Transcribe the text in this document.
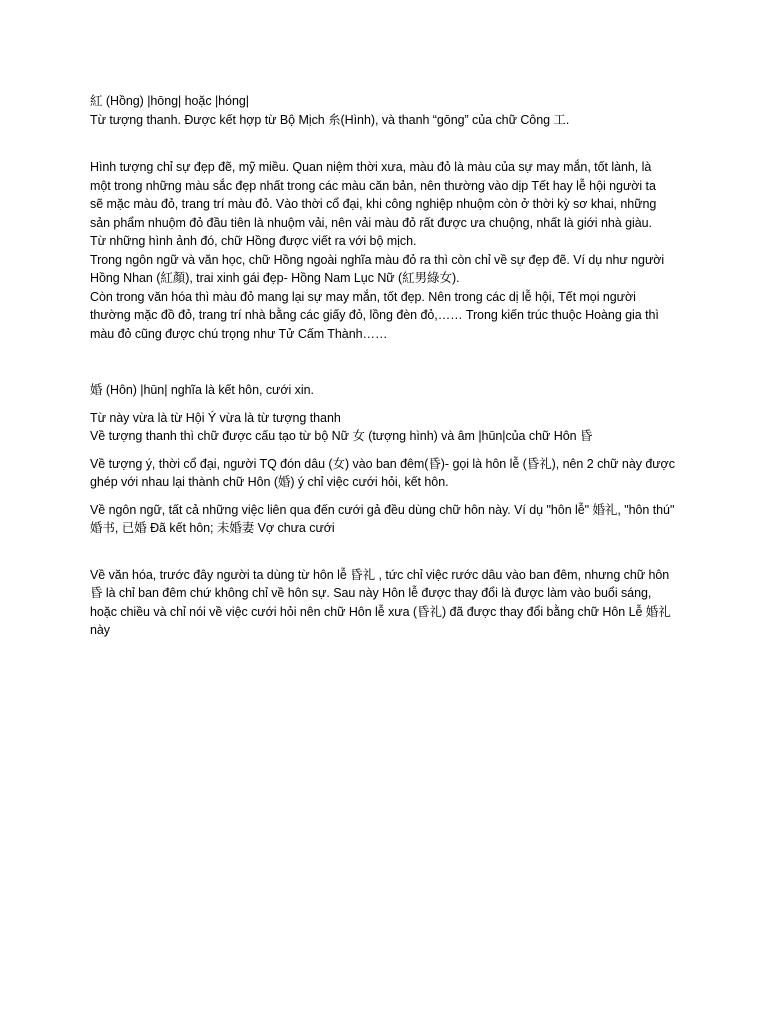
紅 (Hồng) |hōng| hoặc |hóng|
Từ tượng thanh. Được kết hợp từ Bộ Mịch 糸(Hình), và thanh “gōng” của chữ Công 工.

Hình tượng chỉ sự đẹp đẽ, mỹ miều. Quan niệm thời xưa, màu đỏ là màu của sự may mắn, tốt lành, là
một trong những màu sắc đẹp nhất trong các màu căn bản, nên thường vào dịp Tết hay lễ hội người ta
sẽ mặc màu đỏ, trang trí màu đỏ. Vào thời cổ đại, khi công nghiệp nhuộm còn ở thời kỳ sơ khai, những
sản phẩm nhuộm đỏ đầu tiên là nhuộm vải, nên vải màu đỏ rất được ưa chuộng, nhất là giới nhà giàu.
Từ những hình ảnh đó, chữ Hồng được viết ra với bộ mịch.
Trong ngôn ngữ và văn học, chữ Hồng ngoài nghĩa màu đỏ ra thì còn chỉ về sự đẹp đẽ. Ví dụ như người
Hồng Nhan (紅顏), trai xinh gái đẹp- Hồng Nam Lục Nữ (紅男綠女).
Còn trong văn hóa thì màu đỏ mang lại sự may mắn, tốt đẹp. Nên trong các dị lễ hội, Tết mọi người
thường mặc đồ đỏ, trang trí nhà bằng các giấy đỏ, lồng đèn đỏ,…… Trong kiến trúc thuộc Hoàng gia thì
màu đỏ cũng được chú trọng như Tử Cấm Thành……

婚 (Hôn) |hūn| nghĩa là kết hôn, cưới xin.

Từ này vừa là từ Hội Ý vừa là từ tượng thanh
Về tượng thanh thì chữ được cấu tạo từ bộ Nữ 女 (tượng hình) và âm |hūn|của chữ Hôn 昏

Về tượng ý, thời cổ đại, người TQ đón dâu (女) vào ban đêm(昏)- gọi là hôn lễ (昏礼), nên 2 chữ này được
ghép với nhau lại thành chữ Hôn (婚) ý chỉ việc cưới hỏi, kết hôn.

Về ngôn ngữ, tất cả những việc liên qua đến cưới gả đều dùng chữ hôn này. Ví dụ "hôn lễ" 婚礼, "hôn thú"
婚书, 已婚 Đã kết hôn; 未婚妻 Vợ chưa cưới

Về văn hóa, trước đây người ta dùng từ hôn lễ 昏礼 , tức chỉ việc rước dâu vào ban đêm, nhưng chữ hôn
昏 là chỉ ban đêm chứ không chỉ về hôn sự. Sau này Hôn lễ được thay đổi là được làm vào buổi sáng,
hoặc chiều và chỉ nói về việc cưới hỏi nên chữ Hôn lễ xưa (昏礼) đã được thay đổi bằng chữ Hôn Lễ 婚礼
này
